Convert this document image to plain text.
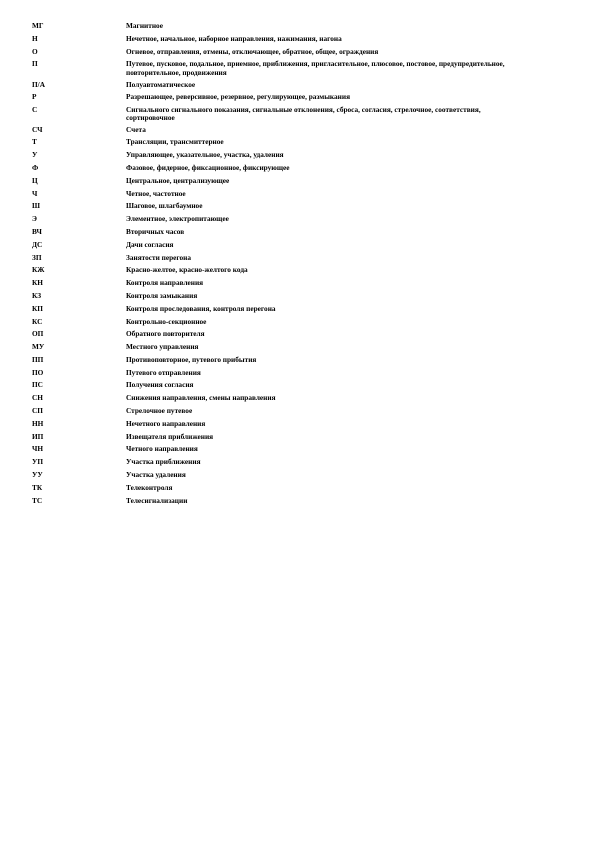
МГ	Магнитное
Н	Нечетное, начальное, наборное направления, нажимания, нагона
О	Огневое, отправления, отмены, отключающее, обратное, общее, ограждения
П	Путевое, пусковое, подальное, приемное, приближения, пригласительное, плюсовое, постовое, предупредительное, повторительное, продвижения
П/А	Полуавтоматическое
Р	Разрешающее, реверсивное, резервное, регулирующее, размыкания
С	Сигнального сигнального показания, сигнальные отклонения, сброса, согласия, стрелочное, соответствия, сортировочное
СЧ	Счета
Т	Трансляции, трансмиттерное
У	Управляющее, указательное, участка, удаления
Ф	Фазовое, фидерное, фиксационное, фиксирующее
Ц	Центральное, централизующее
Ч	Четное, частотное
Ш	Шаговое, шлагбаумное
Э	Элементное, электропитающее
ВЧ	Вторичных часов
ДС	Дачи согласия
ЗП	Занятости перегона
КЖ	Красно-желтое, красно-желтого кода
КН	Контроля направления
КЗ	Контроля замыкания
КП	Контроля проследования, контроля перегона
КС	Контрольно-секционное
ОП	Обратного повторителя
МУ	Местного управления
ПП	Противоповторное, путевого прибытия
ПО	Путевого отправления
ПС	Получения согласия
СН	Снижения направления, смены направления
СП	Стрелочное путевое
НН	Нечетного направления
ИП	Извещателя приближения
ЧН	Четного направления
УП	Участка приближения
УУ	Участка удаления
ТК	Телеконтроля
ТС	Телесигнализации
